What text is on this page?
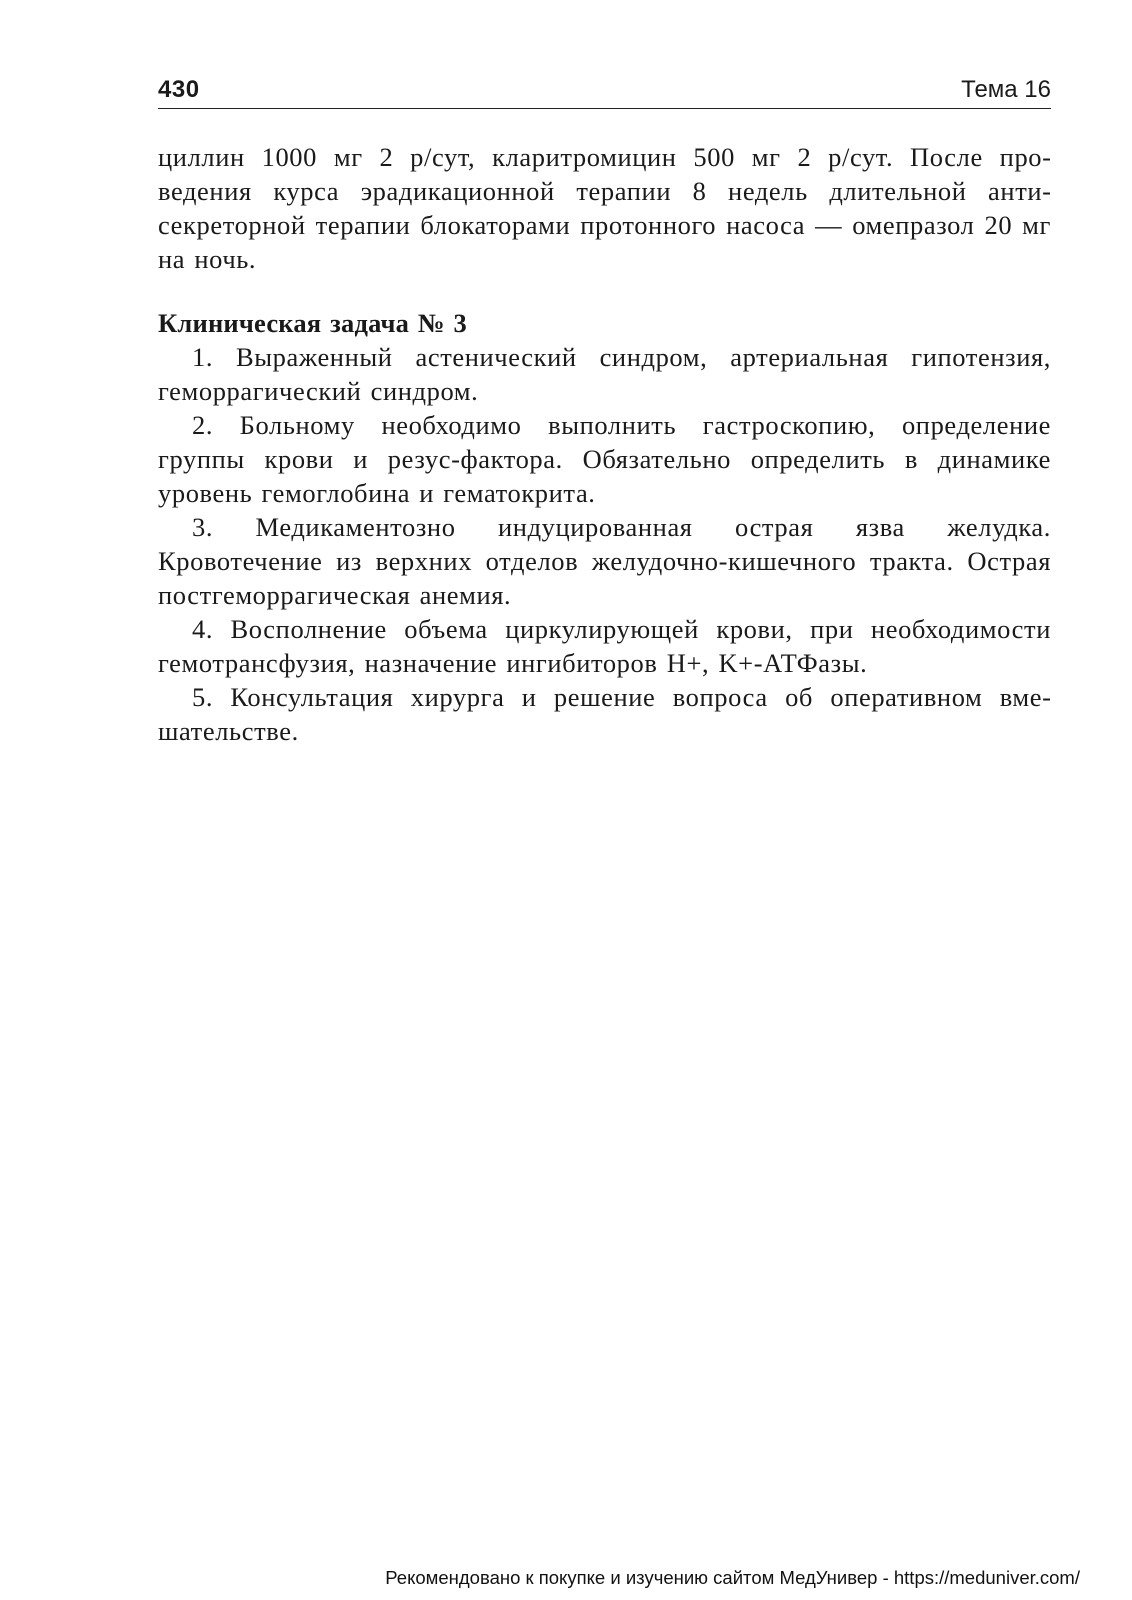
430	Тема 16

циллин 1000 мг 2 р/сут, кларитромицин 500 мг 2 р/сут. После проведения курса эрадикационной терапии 8 недель длительной антисекреторной терапии блокаторами протонного насоса — омепразол 20 мг на ночь.

Клиническая задача № 3

1. Выраженный астенический синдром, артериальная гипотензия, геморрагический синдром.

2. Больному необходимо выполнить гастроскопию, определение группы крови и резус-фактора. Обязательно определить в динамике уровень гемоглобина и гематокрита.

3. Медикаментозно индуцированная острая язва желудка. Кровотечение из верхних отделов желудочно-кишечного тракта. Острая постгеморрагическая анемия.

4. Восполнение объема циркулирующей крови, при необходимости гемотрансфузия, назначение ингибиторов H+, K+-АТФазы.

5. Консультация хирурга и решение вопроса об оперативном вмешательстве.

Рекомендовано к покупке и изучению сайтом МедУнивер - https://meduniver.com/
